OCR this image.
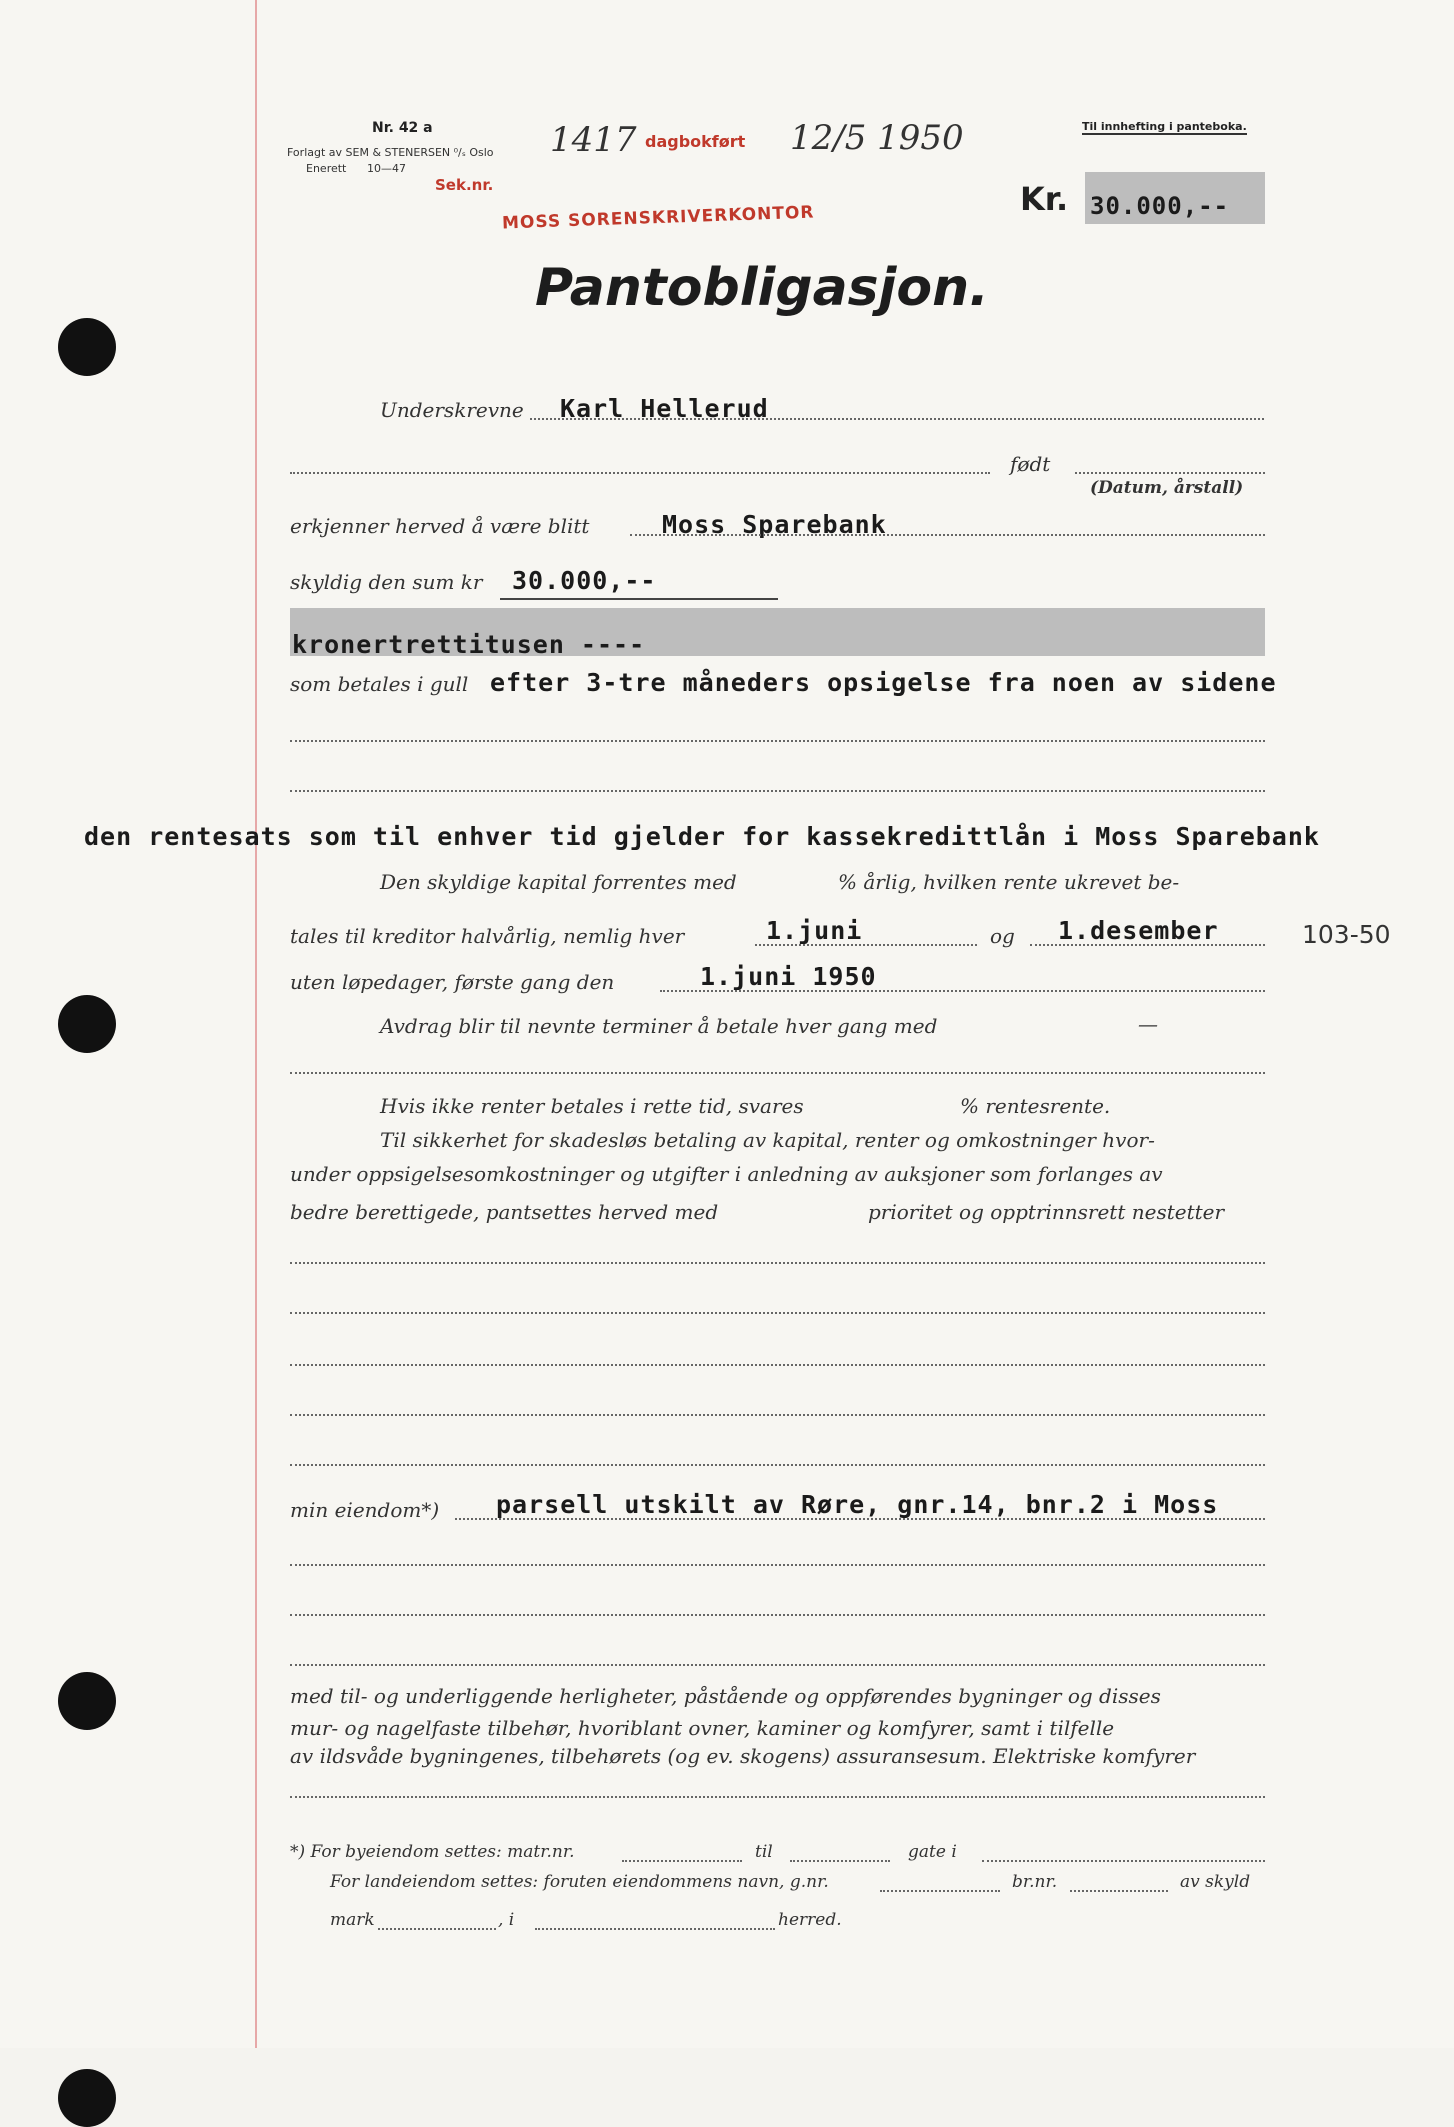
Nr. 42 a
Forlagt av SEM & STENERSEN ⁰/ₛ Oslo
Enerett 10—47
1417 dagbokført 12/5 1950
Sek.nr.
MOSS SORENSKRIVERKONTOR
Til innhefting i panteboka.
Kr. 30.000,--
Pantobligasjon.
Underskrevne Karl Hellerud
født
(Datum, årstall)
erkjenner herved å være blitt	Moss Sparebank
skyldig den sum kr 30.000,--
kronertrettitusen ----
som betales i gull efter 3-tre måneders opsigelse fra noen av sidene
den rentesats som til enhver tid gjelder for kassekredittlån i Moss Sparebank
Den skyldige kapital forrentes med	% årlig, hvilken rente ukrevet be-
tales til kreditor halvårlig, nemlig hver	1.juni	og 1.desember	103-50
uten løpedager, første gang den	1.juni 1950
Avdrag blir til nevnte terminer å betale hver gang med	—
Hvis ikke renter betales i rette tid, svares	% rentesrente.
Til sikkerhet for skadesløs betaling av kapital, renter og omkostninger hvor-
under oppsigelsesomkostninger og utgifter i anledning av auksjoner som forlanges av
bedre berettigede, pantsettes herved med	prioritet og opptrinnsrett nestetter
min eiendom*) parsell utskilt av Røre, gnr.14, bnr.2 i Moss
med til- og underliggende herligheter, påstående og oppførendes bygninger og disses
mur- og nagelfaste tilbehør, hvoriblant ovner, kaminer og komfyrer, samt i tilfelle
av ildsvåde bygningenes, tilbehørets (og ev. skogens) assuransesum. Elektriske komfyrer
*) For byeiendom settes: matr.nr.	til	gate i
For landeiendom settes: foruten eiendommens navn, g.nr.	br.nr.	av skyld
mark	, i	herred.
